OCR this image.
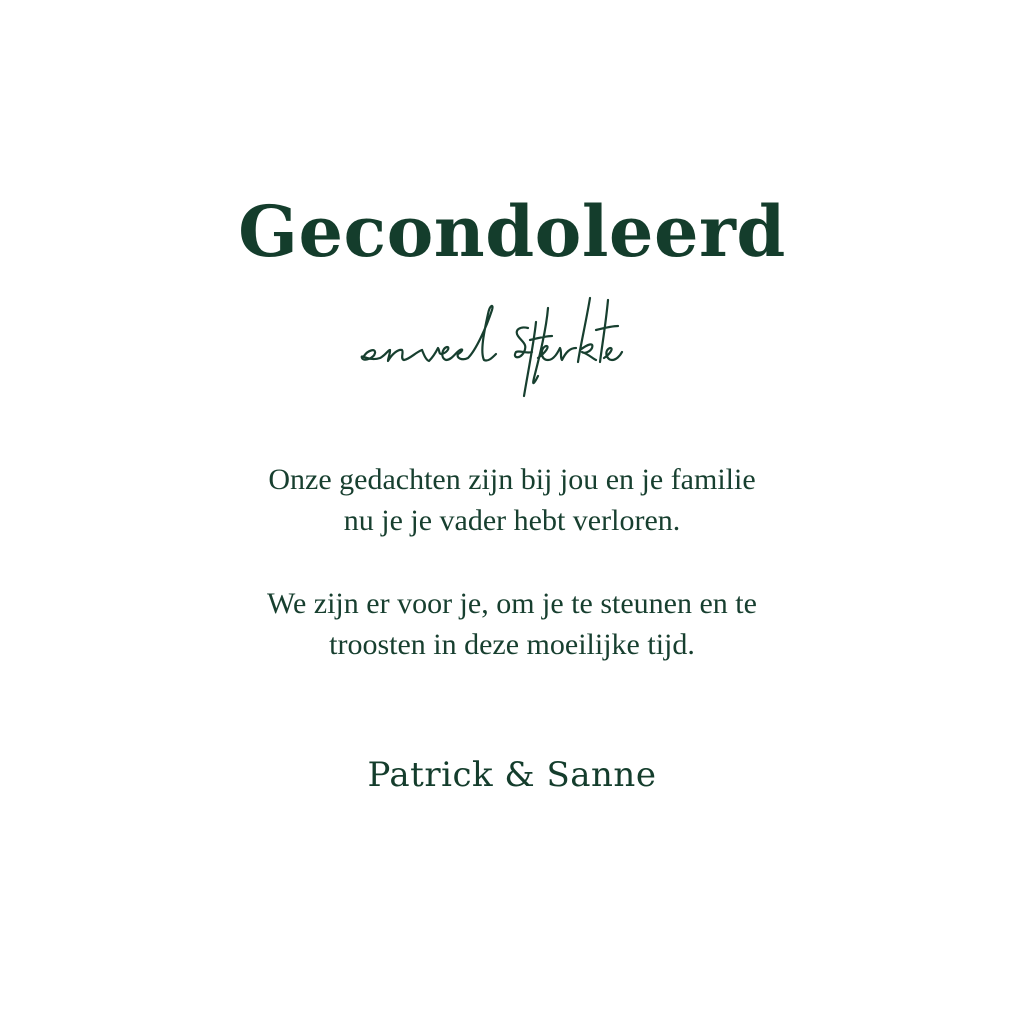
Gecondoleerd
Onze gedachten zijn bij jou en je familie
nu je je vader hebt verloren.
We zijn er voor je, om je te steunen en te
troosten in deze moeilijke tijd.
Patrick & Sanne
